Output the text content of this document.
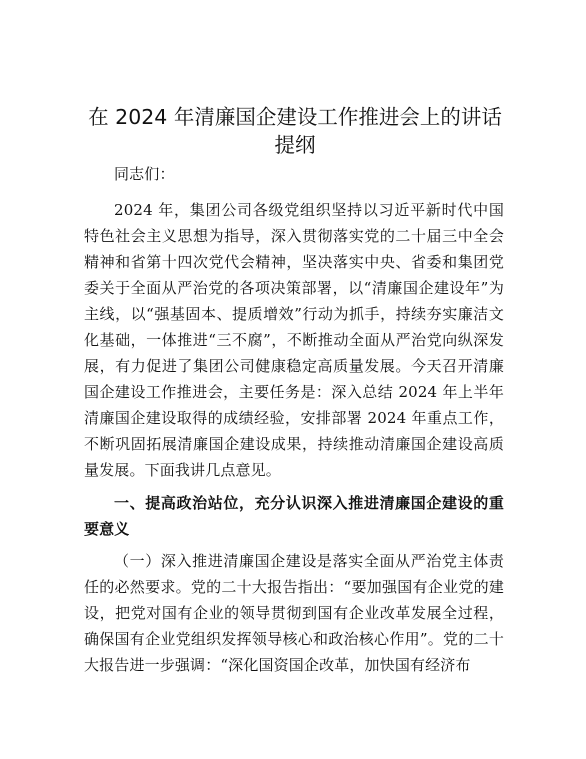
在 2024 年清廉国企建设工作推进会上的讲话提纲

同志们：

2024 年，集团公司各级党组织坚持以习近平新时代中国特色社会主义思想为指导，深入贯彻落实党的二十届三中全会精神和省第十四次党代会精神，坚决落实中央、省委和集团党委关于全面从严治党的各项决策部署，以“清廉国企建设年”为主线，以“强基固本、提质增效”行动为抓手，持续夯实廉洁文化基础，一体推进“三不腐”，不断推动全面从严治党向纵深发展，有力促进了集团公司健康稳定高质量发展。今天召开清廉国企建设工作推进会，主要任务是：深入总结 2024 年上半年清廉国企建设取得的成绩经验，安排部署 2024 年重点工作，不断巩固拓展清廉国企建设成果，持续推动清廉国企建设高质量发展。下面我讲几点意见。

一、提高政治站位，充分认识深入推进清廉国企建设的重要意义

（一）深入推进清廉国企建设是落实全面从严治党主体责任的必然要求。党的二十大报告指出：“要加强国有企业党的建设，把党对国有企业的领导贯彻到国有企业改革发展全过程，确保国有企业党组织发挥领导核心和政治核心作用”。党的二十大报告进一步强调：“深化国资国企改革，加快国有经济布
